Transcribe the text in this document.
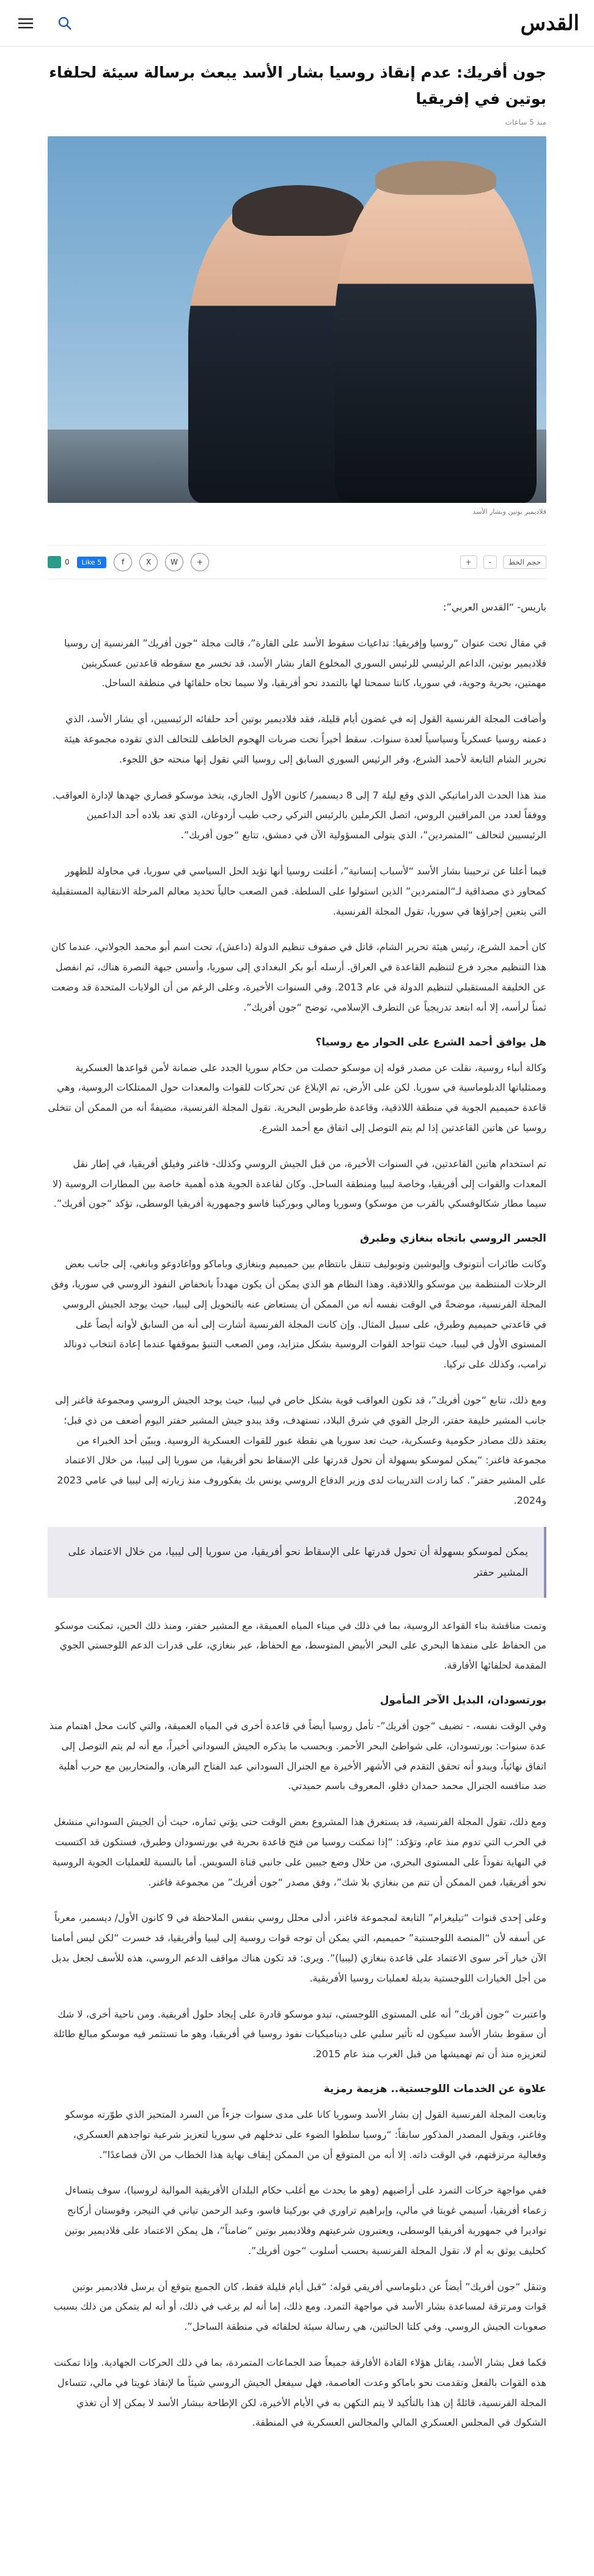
القدس
جون أفريك: عدم إنقاذ روسيا بشار الأسد يبعث برسالة سيئة لحلفاء بوتين في إفريقيا
منذ 5 ساعات
فلاديمير بوتين وبشار الأسد
حجم الخط
-
+
0	Like 5	f	X	W	+

باريس- “القدس العربي”:

في مقال تحت عنوان “روسيا وإفريقيا: تداعيات سقوط الأسد على القارة”، قالت مجلة “جون أفريك” الفرنسية إن روسيا فلاديمير بوتين، الداعم الرئيسي للرئيس السوري المخلوع الفار بشار الأسد، قد تخسر مع سقوطه قاعدتين عسكريتين مهمتين، بحرية وجوية، في سوريا، كانتا سمحتا لها بالتمدد نحو أفريقيا، ولا سيما تجاه حلفائها في منطقة الساحل.

وأضافت المجلة الفرنسية القول إنه في غضون أيام قليلة، فقد فلاديمير بوتين أحد حلفائه الرئيسيين، أي بشار الأسد، الذي دعمته روسيا عسكرياً وسياسياً لعدة سنوات. سقط أخيراً تحت ضربات الهجوم الخاطف للتحالف الذي تقوده مجموعة هيئة تحرير الشام التابعة لأحمد الشرع، وفر الرئيس السوري السابق إلى روسيا التي تقول إنها منحته حق اللجوء.

منذ هذا الحدث الدراماتيكي الذي وقع ليلة 7 إلى 8 ديسمبر/ كانون الأول الجاري، يتخذ موسكو قصاري جهدها لإدارة العواقب. ووفقاً لعدد من المراقبين الروس، اتصل الكرملين بالرئيس التركي رجب طيب أردوغان، الذي تعد بلاده أحد الداعمين الرئيسيين لتحالف “المتمردين”، الذي يتولى المسؤولية الآن في دمشق، تتابع “جون أفريك”.

فيما أعلنا عن ترحيبنا بشار الأسد “لأسباب إنسانية”، أعلنت روسيا أنها تؤيد الحل السياسي في سوريا، في محاولة للظهور كمحاور ذي مصداقية لـ“المتمردين” الذين استولوا على السلطة. فمن الصعب حالياً تحديد معالم المرحلة الانتقالية المستقبلية التي يتعين إجراؤها في سوريا، تقول المجلة الفرنسية.

كان أحمد الشرع، رئيس هيئة تحرير الشام، قاتل في صفوف تنظيم الدولة (داعش)، تحت اسم أبو محمد الجولاني، عندما كان هذا التنظيم مجرد فرع لتنظيم القاعدة في العراق. أرسله أبو بكر البغدادي إلى سوريا، وأسس جبهة النصرة هناك، ثم انفصل عن الخليفة المستقبلي لتنظيم الدولة في عام 2013. وفي السنوات الأخيرة، وعلى الرغم من أن الولايات المتحدة قد وضعت ثمناً لرأسه، إلا أنه ابتعد تدريجياً عن التطرف الإسلامي، توضح “جون أفريك”.

هل يوافق أحمد الشرع على الحوار مع روسيا؟

وكالة أنباء روسية، نقلت عن مصدر قوله إن موسكو حصلت من حكام سوريا الجدد على ضمانة لأمن قواعدها العسكرية وممثلياتها الدبلوماسية في سوريا. لكن على الأرض، تم الإبلاغ عن تحركات للقوات والمعدات حول الممتلكات الروسية، وهي قاعدة حميميم الجوية في منطقة اللاذقية، وقاعدة طرطوس البحرية. تقول المجلة الفرنسية، مضيفةً أنه من الممكن أن تتخلى روسيا عن هاتين القاعدتين إذا لم يتم التوصل إلى اتفاق مع أحمد الشرع.

تم استخدام هاتين القاعدتين، في السنوات الأخيرة، من قبل الجيش الروسي وكذلك- فاغنر وفيلق أفريقيا، في إطار نقل المعدات والقوات إلى أفريقيا، وخاصة ليبيا ومنطقة الساحل. وكان لقاعدة الجوية هذه أهمية خاصة بين المطارات الروسية (لا سيما مطار شكالوفسكي بالقرب من موسكو) وسوريا ومالي وبوركينا فاسو وجمهورية أفريقيا الوسطى، تؤكد “جون أفريك”.

الجسر الروسي باتجاه بنغازي وطبرق

وكانت طائرات أنتونوف وإليوشين وتوبوليف تتنقل بانتظام بين حميميم وبنغازي وباماكو وواغادوغو وبانغي، إلى جانب بعض الرحلات المنتظمة بين موسكو واللاذقية. وهذا النظام هو الذي يمكن أن يكون مهدداً بانخفاض النفوذ الروسي في سوريا، وفق المجلة الفرنسية، موضحةً في الوقت نفسه أنه من الممكن أن يستعاض عنه بالتحويل إلى ليبيا، حيث يوجد الجيش الروسي في قاعدتي حميميم وطبرق، على سبيل المثال. وإن كانت المجلة الفرنسية أشارت إلى أنه من السابق لأوانه أيضاً على المستوى الأول في ليبيا، حيث تتواجد القوات الروسية بشكل متزايد، ومن الصعب التنبؤ بموقفها عندما إعادة انتخاب دونالد ترامب، وكذلك على تركيا.

ومع ذلك، تتابع “جون أفريك”، قد تكون العواقب قوية بشكل خاص في ليبيا، حيث يوجد الجيش الروسي ومجموعة فاغنر إلى جانب المشير خليفة حفتر، الرجل القوي في شرق البلاد، تستهدف، وقد يبدو جيش المشير حفتر اليوم أضعف من ذي قبل؛ يعتقد ذلك مصادر حكومية وعسكرية، حيث تعد سوريا هي نقطة عبور للقوات العسكرية الروسية. ويبيّن أحد الخبراء من مجموعة فاغنر: “يمكن لموسكو بسهولة أن تحول قدرتها على الإسقاط نحو أفريقيا، من سوريا إلى ليبيا، من خلال الاعتماد على المشير حفتر”. كما زادت التدريبات لدى وزير الدفاع الروسي يونس بك يفكوروف منذ زيارته إلى ليبيا في عامي 2023 و2024.

يمكن لموسكو بسهولة أن تحول قدرتها على الإسقاط نحو أفريقيا، من سوريا إلى ليبيا، من خلال الاعتماد على المشير حفتر

وتمت مناقشة بناء القواعد الروسية، بما في ذلك في ميناء المياه العميقة، مع المشير حفتر، ومنذ ذلك الحين، تمكنت موسكو من الحفاظ على منفذها البحري على البحر الأبيض المتوسط، مع الحفاظ، عبر بنغازي، على قدرات الدعم اللوجستي الجوي المقدمة لحلفائها الأفارقة.

بورتسودان، البديل الآخر المأمول

وفي الوقت نفسه، - تضيف “جون أفريك”- تأمل روسيا أيضاً في قاعدة أخرى في المياه العميقة، والتي كانت محل اهتمام منذ عدة سنوات: بورتسودان، على شواطئ البحر الأحمر. وبحسب ما يذكره الجيش السوداني أخيراً، مع أنه لم يتم التوصل إلى اتفاق نهائياً، ويبدو أنه تحقق التقدم في الأشهر الأخيرة مع الجنرال السوداني عبد الفتاح البرهان، والمتحاربين مع حرب أهلية ضد منافسه الجنرال محمد حمدان دقلو، المعروف باسم حميدتي.

ومع ذلك، تقول المجلة الفرنسية، قد يستغرق هذا المشروع بعض الوقت حتى يؤتي ثماره، حيث أن الجيش السوداني منشغل في الحرب التي تدوم منذ عام، وتؤكد: “إذا تمكنت روسيا من فتح قاعدة بحرية في بورتسودان وطبرق، فستكون قد اكتسبت في النهاية نفوذاً على المستوى البحري، من خلال وضع جيبين على جانبي قناة السويس. أما بالنسبة للعمليات الجوية الروسية نحو أفريقيا، فمن الممكن أن تتم من بنغازي بلا شك”، وفق مصدر “جون أفريك” من مجموعة فاغنر.

وعلى إحدى قنوات “تيليغرام” التابعة لمجموعة فاغنر، أدلى محلل روسي بنفس الملاحظة في 9 كانون الأول/ ديسمبر، معرباً عن أسفه لأن “المنصة اللوجستية” حميميم، التي يمكن أن توجه قوات روسية إلى ليبيا وأفريقيا، قد خسرت “لكن ليس أمامنا الآن خيار آخر سوى الاعتماد على قاعدة بنغازي (ليبيا)”. ويرى: قد تكون هناك مواقف الدعم الروسي، هذه للأسف لجعل بديل من أجل الخيارات اللوجستية بديلة لعمليات روسيا الأفريقية.

واعتبرت “جون أفريك” أنه على المستوى اللوجستي، تبدو موسكو قادرة على إيجاد حلول أفريقية. ومن ناحية أخرى، لا شك أن سقوط بشار الأسد سيكون له تأثير سلبي على ديناميكيات نفوذ روسيا في أفريقيا، وهو ما تستثمر فيه موسكو مبالغ طائلة لتعزيزه منذ أن تم تهميشها من قبل الغرب منذ عام 2015.

علاوة عن الخدمات اللوجستية.. هزيمة رمزية

وتابعت المجلة الفرنسية القول إن بشار الأسد وسوريا كانا على مدى سنوات جزءاً من السرد المتحيز الذي طوّرته موسكو وفاغنر، ويقول المصدر المذكور سابقاً: “روسيا سلطوا الضوء على تدخلهم في سوريا لتعزيز شرعية تواجدهم العسكري، وفعالية مرتزقتهم، في الوقت ذاته. إلا أنه من المتوقع أن من الممكن إيقاف نهاية هذا الخطاب من الآن فصاعدًا”.

ففي مواجهة حركات التمرد على أراضيهم (وهو ما يحدث مع أغلب حكام البلدان الأفريقية الموالية لروسيا)، سوف يتساءل زعماء أفريقيا، أسيمي غويتا في مالي، وإبراهيم تراوري في بوركينا فاسو، وعبد الرحمن تياني في النيجر، وفوستان أركانج تواديرا في جمهورية أفريقيا الوسطى، ويعتبرون شرعيتهم وفلاديمير بوتين “ضامناً”، هل يمكن الاعتماد على فلاديمير بوتين كحليف يوثق به أم لا، تقول المجلة الفرنسية بحسب أسلوب “جون أفريك”.

وتنقل “جون أفريك” أيضاً عن دبلوماسي أفريقي قوله: “قبل أيام قليلة فقط، كان الجميع يتوقع أن يرسل فلاديمير بوتين قوات ومرتزقة لمساعدة بشار الأسد في مواجهة التمرد. ومع ذلك، إما أنه لم يرغب في ذلك، أو أنه لم يتمكن من ذلك بسبب صعوبات الجيش الروسي. وفي كلتا الحالتين، هي رسالة سيئة لحلفائه في منطقة الساحل”.

فكما فعل بشار الأسد، يقاتل هؤلاء القادة الأفارقة جميعاً ضد الجماعات المتمردة، بما في ذلك الحركات الجهادية. وإذا تمكنت هذه القوات بالفعل وتقدمت نحو باماكو وعدت العاصمة، فهل سيفعل الجيش الروسي شيئاً ما لإنقاذ غويتا في مالي، تتساءل المجلة الفرنسية، قائلةً إن هذا بالتأكيد لا يتم التكهن به في الأيام الأخيرة، لكن الإطاحة ببشار الأسد لا يمكن إلا أن تغذي الشكوك في المجلس العسكري المالي والمجالس العسكرية في المنطقة.
